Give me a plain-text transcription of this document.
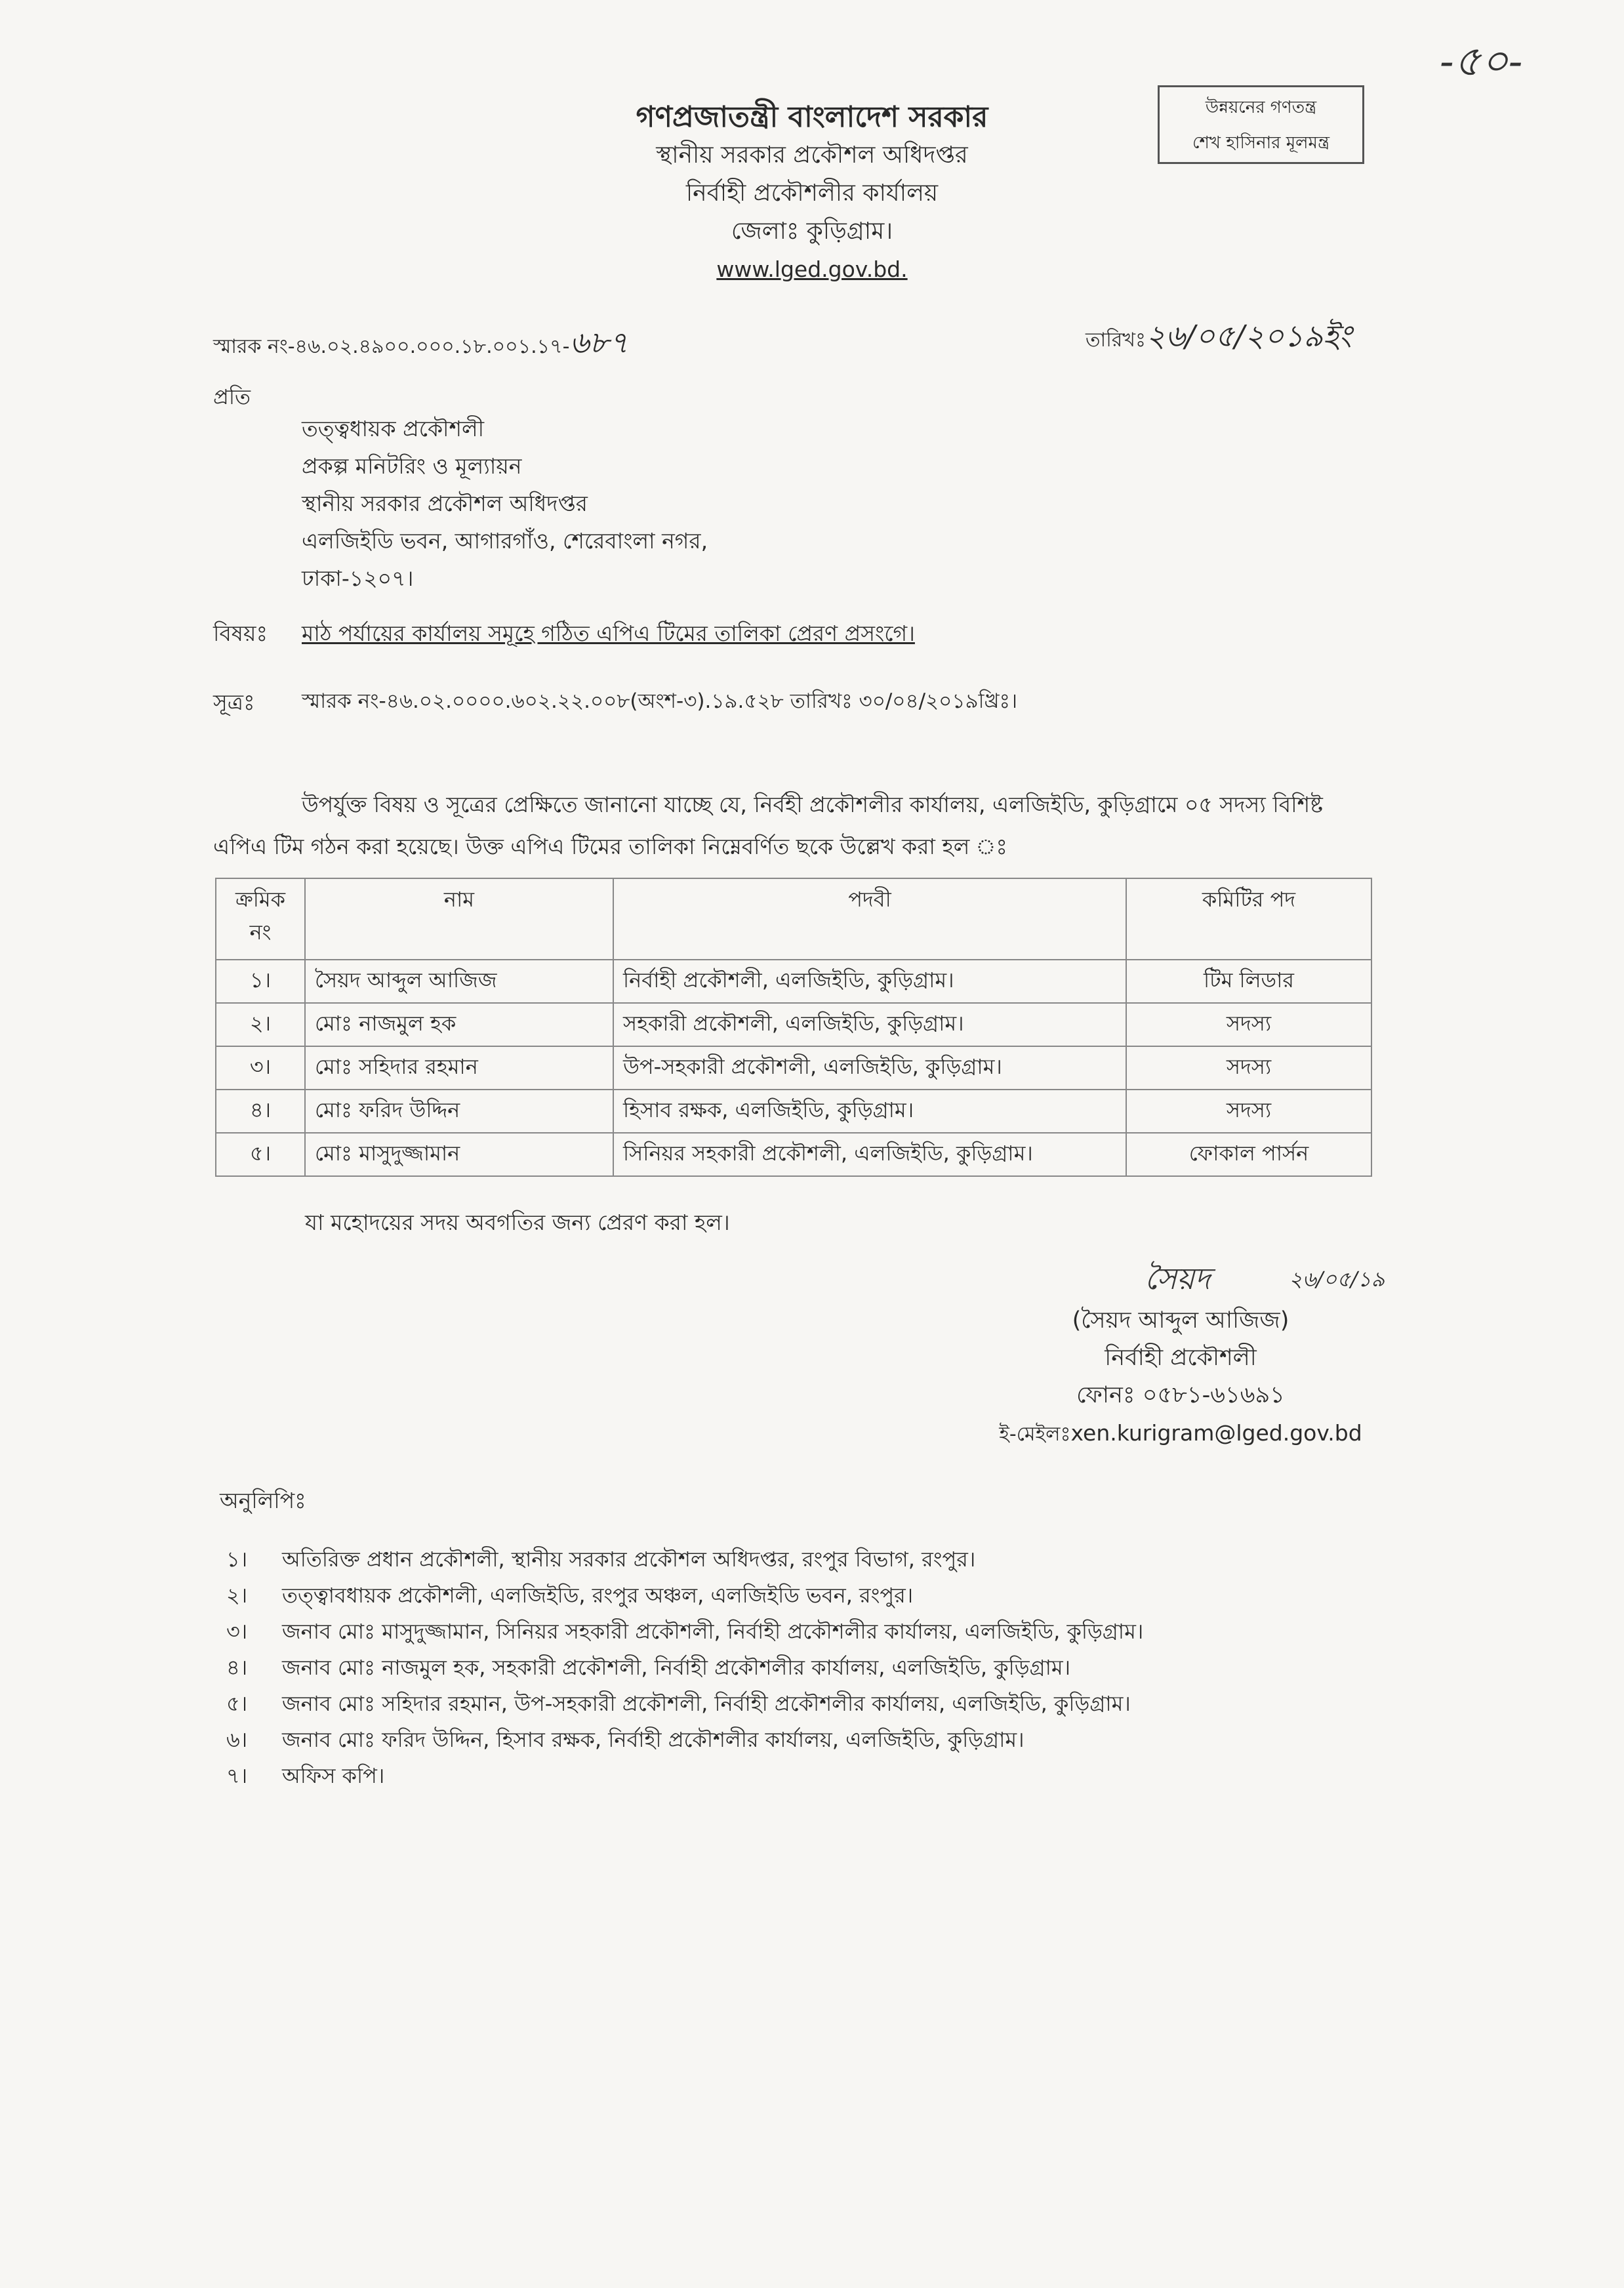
-৫০-
গণপ্রজাতন্ত্রী বাংলাদেশ সরকার
স্থানীয় সরকার প্রকৌশল অধিদপ্তর
নির্বাহী প্রকৌশলীর কার্যালয়
জেলাঃ কুড়িগ্রাম।
www.lged.gov.bd.
উন্নয়নের গণতন্ত্র
শেখ হাসিনার মূলমন্ত্র
স্মারক নং-৪৬.০২.৪৯০০.০০০.১৮.০০১.১৭-৬৮৭	তারিখঃ২৬/০৫/২০১৯ইং
প্রতি
তত্ত্বধায়ক প্রকৌশলী
প্রকল্প মনিটরিং ও মূল্যায়ন
স্থানীয় সরকার প্রকৌশল অধিদপ্তর
এলজিইডি ভবন, আগারগাঁও, শেরেবাংলা নগর,
ঢাকা-১২০৭।
বিষয়ঃ মাঠ পর্যায়ের কার্যালয় সমূহে গঠিত এপিএ টিমের তালিকা প্রেরণ প্রসংগে।
সূত্রঃ স্মারক নং-৪৬.০২.০০০০.৬০২.২২.০০৮(অংশ-৩).১৯.৫২৮ তারিখঃ ৩০/০৪/২০১৯খ্রিঃ।
উপর্যুক্ত বিষয় ও সূত্রের প্রেক্ষিতে জানানো যাচ্ছে যে, নির্বহী প্রকৌশলীর কার্যালয়, এলজিইডি, কুড়িগ্রামে ০৫ সদস্য বিশিষ্ট এপিএ টিম গঠন করা হয়েছে। উক্ত এপিএ টিমের তালিকা নিম্নেবর্ণিত ছকে উল্লেখ করা হল ঃ
ক্রমিক নং	নাম	পদবী	কমিটির পদ
১।	সৈয়দ আব্দুল আজিজ	নির্বাহী প্রকৌশলী, এলজিইডি, কুড়িগ্রাম।	টিম লিডার
২।	মোঃ নাজমুল হক	সহকারী প্রকৌশলী, এলজিইডি, কুড়িগ্রাম।	সদস্য
৩।	মোঃ সহিদার রহমান	উপ-সহকারী প্রকৌশলী, এলজিইডি, কুড়িগ্রাম।	সদস্য
৪।	মোঃ ফরিদ উদ্দিন	হিসাব রক্ষক, এলজিইডি, কুড়িগ্রাম।	সদস্য
৫।	মোঃ মাসুদুজ্জামান	সিনিয়র সহকারী প্রকৌশলী, এলজিইডি, কুড়িগ্রাম।	ফোকাল পার্সন
যা মহোদয়ের সদয় অবগতির জন্য প্রেরণ করা হল।
সৈয়দ	২৬/০৫/১৯
(সৈয়দ আব্দুল আজিজ)
নির্বাহী প্রকৌশলী
ফোনঃ ০৫৮১-৬১৬৯১
ই-মেইলঃxen.kurigram@lged.gov.bd
অনুলিপিঃ
১। অতিরিক্ত প্রধান প্রকৌশলী, স্থানীয় সরকার প্রকৌশল অধিদপ্তর, রংপুর বিভাগ, রংপুর।
২। তত্ত্বাবধায়ক প্রকৌশলী, এলজিইডি, রংপুর অঞ্চল, এলজিইডি ভবন, রংপুর।
৩। জনাব মোঃ মাসুদুজ্জামান, সিনিয়র সহকারী প্রকৌশলী, নির্বাহী প্রকৌশলীর কার্যালয়, এলজিইডি, কুড়িগ্রাম।
৪। জনাব মোঃ নাজমুল হক, সহকারী প্রকৌশলী, নির্বাহী প্রকৌশলীর কার্যালয়, এলজিইডি, কুড়িগ্রাম।
৫। জনাব মোঃ সহিদার রহমান, উপ-সহকারী প্রকৌশলী, নির্বাহী প্রকৌশলীর কার্যালয়, এলজিইডি, কুড়িগ্রাম।
৬। জনাব মোঃ ফরিদ উদ্দিন, হিসাব রক্ষক, নির্বাহী প্রকৌশলীর কার্যালয়, এলজিইডি, কুড়িগ্রাম।
৭। অফিস কপি।
